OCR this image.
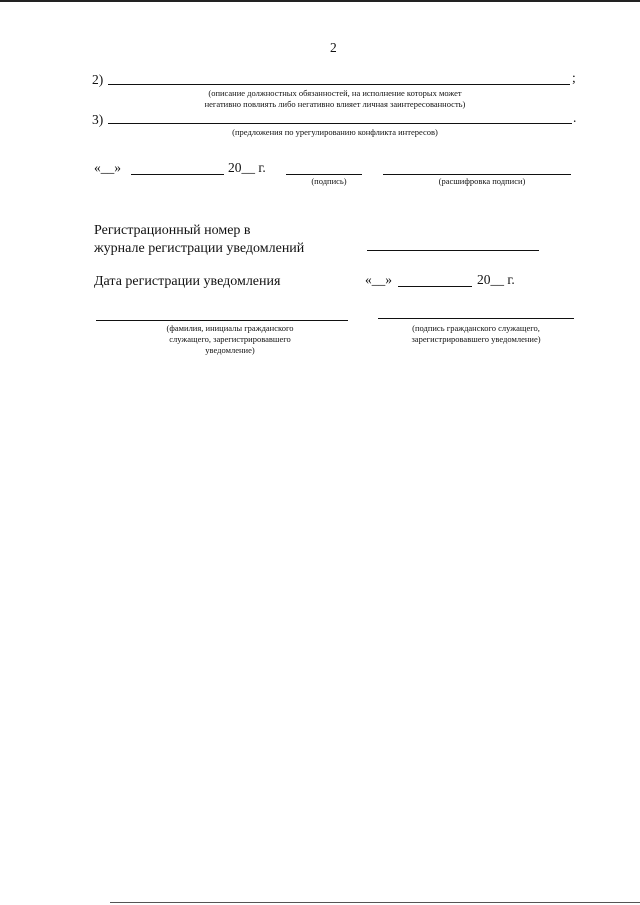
2
2)	;
(описание должностных обязанностей, на исполнение которых может
негативно повлиять либо негативно влияет личная заинтересованность)
3)	.
(предложения по урегулированию конфликта интересов)
«__»	20__ г.
(подпись)	(расшифровка подписи)
Регистрационный номер в
журнале регистрации уведомлений
Дата регистрации уведомления	«__»	20__ г.
(фамилия, инициалы гражданского
служащего, зарегистрировавшего
уведомление)
(подпись гражданского служащего,
зарегистрировавшего уведомление)
